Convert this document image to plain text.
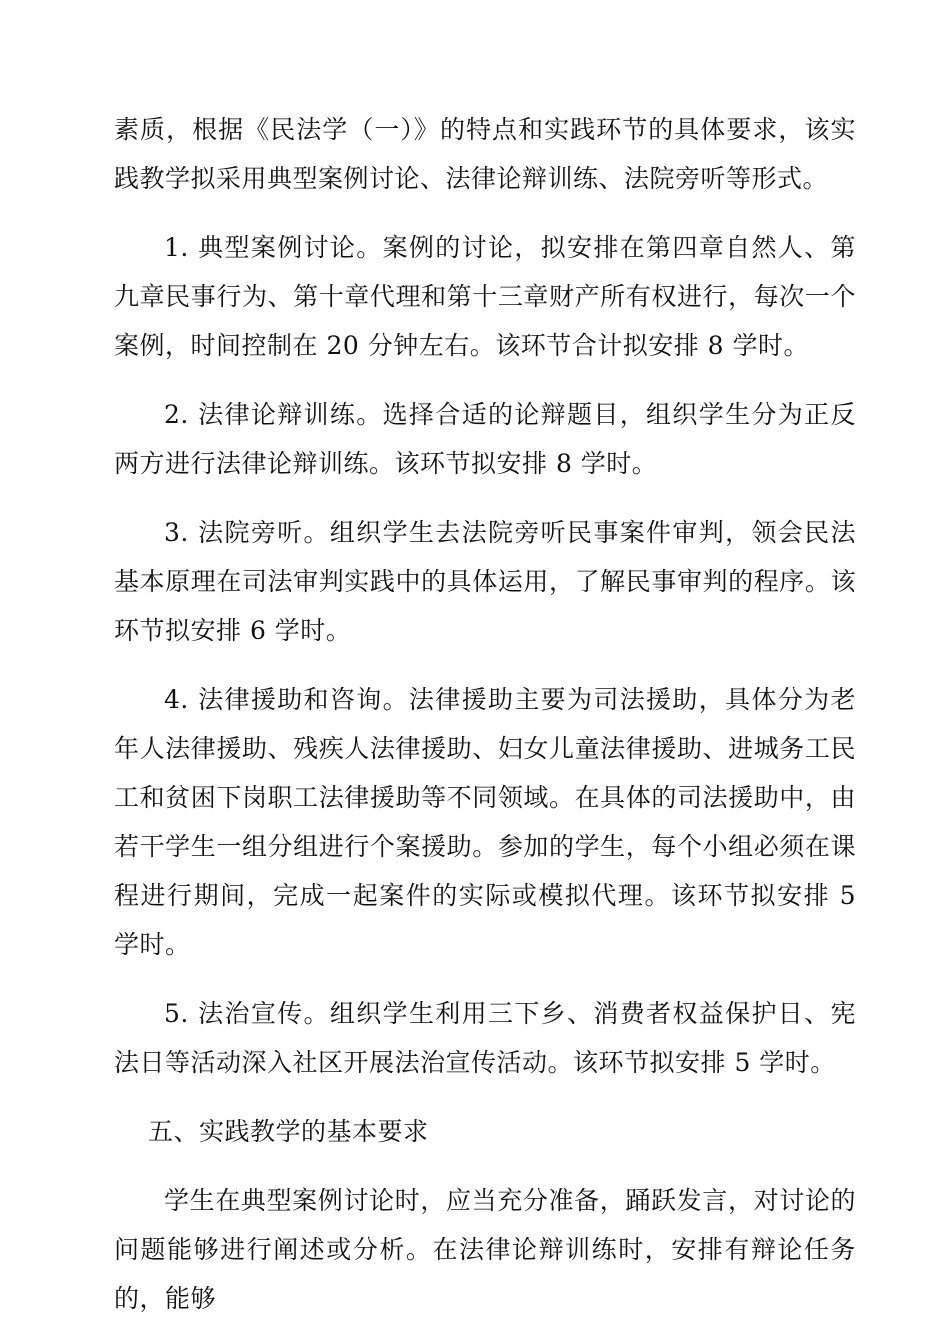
素质，根据《民法学（一）》的特点和实践环节的具体要求，该实践教学拟采用典型案例讨论、法律论辩训练、法院旁听等形式。

1. 典型案例讨论。案例的讨论，拟安排在第四章自然人、第九章民事行为、第十章代理和第十三章财产所有权进行，每次一个案例，时间控制在 20 分钟左右。该环节合计拟安排 8 学时。

2. 法律论辩训练。选择合适的论辩题目，组织学生分为正反两方进行法律论辩训练。该环节拟安排 8 学时。

3. 法院旁听。组织学生去法院旁听民事案件审判，领会民法基本原理在司法审判实践中的具体运用，了解民事审判的程序。该环节拟安排 6 学时。

4. 法律援助和咨询。法律援助主要为司法援助，具体分为老年人法律援助、残疾人法律援助、妇女儿童法律援助、进城务工民工和贫困下岗职工法律援助等不同领域。在具体的司法援助中，由若干学生一组分组进行个案援助。参加的学生，每个小组必须在课程进行期间，完成一起案件的实际或模拟代理。该环节拟安排 5 学时。

5. 法治宣传。组织学生利用三下乡、消费者权益保护日、宪法日等活动深入社区开展法治宣传活动。该环节拟安排 5 学时。

五、实践教学的基本要求

学生在典型案例讨论时，应当充分准备，踊跃发言，对讨论的问题能够进行阐述或分析。在法律论辩训练时，安排有辩论任务的，能够
